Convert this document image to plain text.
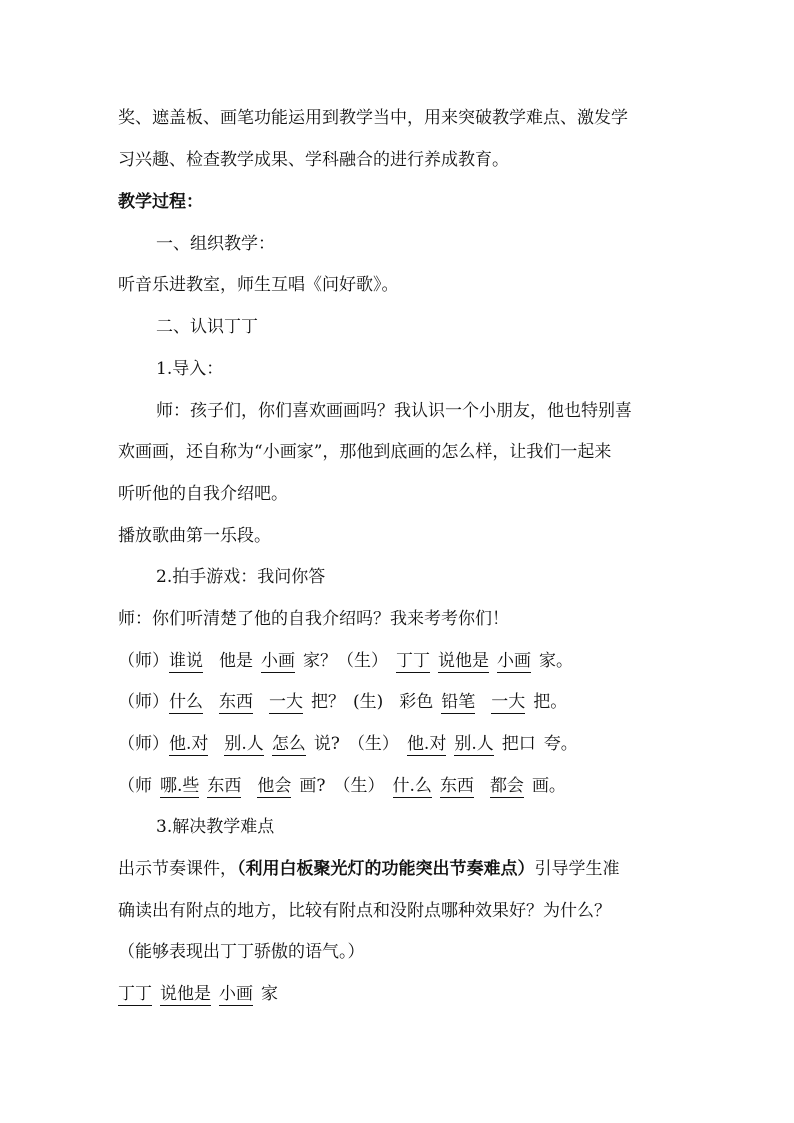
奖、遮盖板、画笔功能运用到教学当中，用来突破教学难点、激发学
习兴趣、检查教学成果、学科融合的进行养成教育。
教学过程：
一、组织教学：
听音乐进教室，师生互唱《问好歌》。
二、认识丁丁
1.导入：
师：孩子们，你们喜欢画画吗？我认识一个小朋友，他也特别喜
欢画画，还自称为“小画家”，那他到底画的怎么样，让我们一起来
听听他的自我介绍吧。
播放歌曲第一乐段。
2.拍手游戏：我问你答
师：你们听清楚了他的自我介绍吗？我来考考你们！
（师）谁说 他是 小画 家？（生） 丁丁 说他是 小画 家。
（师）什么 东西 一大 把？ (生) 彩色 铅笔 一大 把。
（师）他.对 别.人 怎么 说? （生） 他.对 别.人 把口 夸。
（师 哪.些 东西 他会 画? （生） 什.么 东西 都会 画。
3.解决教学难点
出示节奏课件，（利用白板聚光灯的功能突出节奏难点）引导学生准
确读出有附点的地方，比较有附点和没附点哪种效果好？为什么？
（能够表现出丁丁骄傲的语气。）
丁丁 说他是 小画 家
